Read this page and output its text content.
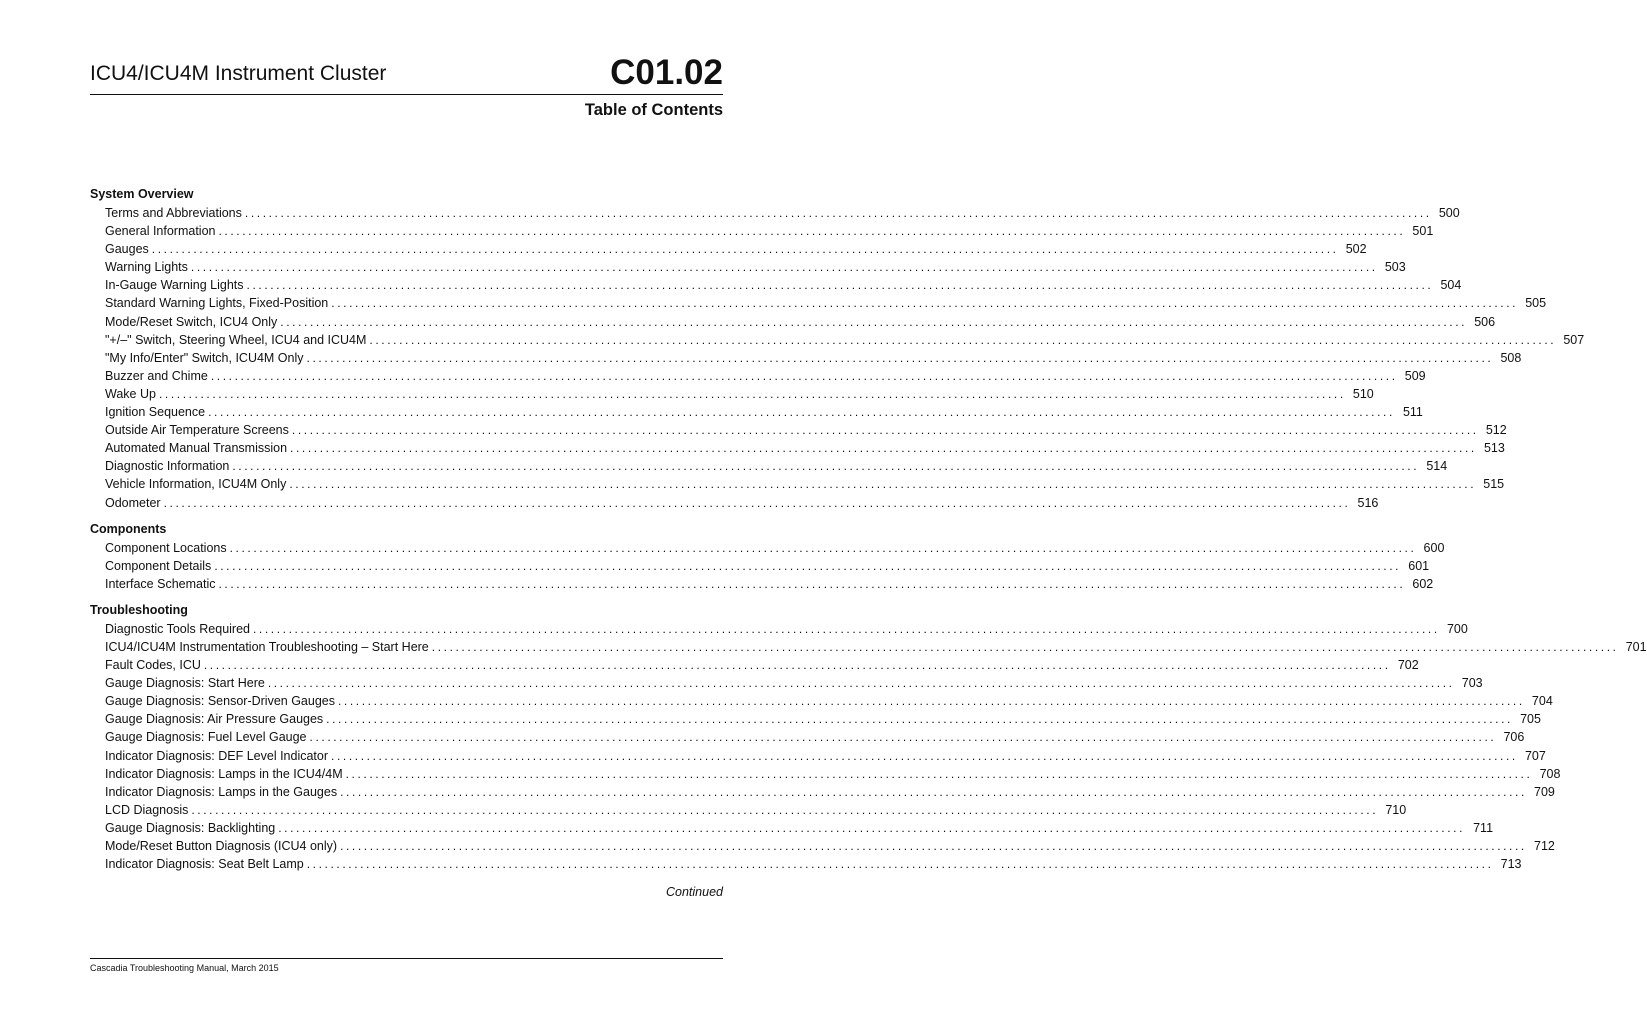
ICU4/ICU4M Instrument Cluster	C01.02
Table of Contents
System Overview
Terms and Abbreviations ........................................................................................................................................................................................................ 500
General Information ........................................................................................................................................................................................................ 501
Gauges ........................................................................................................................................................................................................ 502
Warning Lights ........................................................................................................................................................................................................ 503
In-Gauge Warning Lights ........................................................................................................................................................................................................ 504
Standard Warning Lights, Fixed-Position ........................................................................................................................................................................................................ 505
Mode/Reset Switch, ICU4 Only ........................................................................................................................................................................................................ 506
"+/–" Switch, Steering Wheel, ICU4 and ICU4M ........................................................................................................................................................................................................ 507
"My Info/Enter" Switch, ICU4M Only ........................................................................................................................................................................................................ 508
Buzzer and Chime ........................................................................................................................................................................................................ 509
Wake Up ........................................................................................................................................................................................................ 510
Ignition Sequence ........................................................................................................................................................................................................ 511
Outside Air Temperature Screens ........................................................................................................................................................................................................ 512
Automated Manual Transmission ........................................................................................................................................................................................................ 513
Diagnostic Information ........................................................................................................................................................................................................ 514
Vehicle Information, ICU4M Only ........................................................................................................................................................................................................ 515
Odometer ........................................................................................................................................................................................................ 516
Components
Component Locations ........................................................................................................................................................................................................ 600
Component Details ........................................................................................................................................................................................................ 601
Interface Schematic ........................................................................................................................................................................................................ 602
Troubleshooting
Diagnostic Tools Required ........................................................................................................................................................................................................ 700
ICU4/ICU4M Instrumentation Troubleshooting – Start Here ........................................................................................................................................................................................................ 701
Fault Codes, ICU ........................................................................................................................................................................................................ 702
Gauge Diagnosis: Start Here ........................................................................................................................................................................................................ 703
Gauge Diagnosis: Sensor-Driven Gauges ........................................................................................................................................................................................................ 704
Gauge Diagnosis: Air Pressure Gauges ........................................................................................................................................................................................................ 705
Gauge Diagnosis: Fuel Level Gauge ........................................................................................................................................................................................................ 706
Indicator Diagnosis: DEF Level Indicator ........................................................................................................................................................................................................ 707
Indicator Diagnosis: Lamps in the ICU4/4M ........................................................................................................................................................................................................ 708
Indicator Diagnosis: Lamps in the Gauges ........................................................................................................................................................................................................ 709
LCD Diagnosis ........................................................................................................................................................................................................ 710
Gauge Diagnosis: Backlighting ........................................................................................................................................................................................................ 711
Mode/Reset Button Diagnosis (ICU4 only) ........................................................................................................................................................................................................ 712
Indicator Diagnosis: Seat Belt Lamp ........................................................................................................................................................................................................ 713
Continued
Cascadia Troubleshooting Manual, March 2015
